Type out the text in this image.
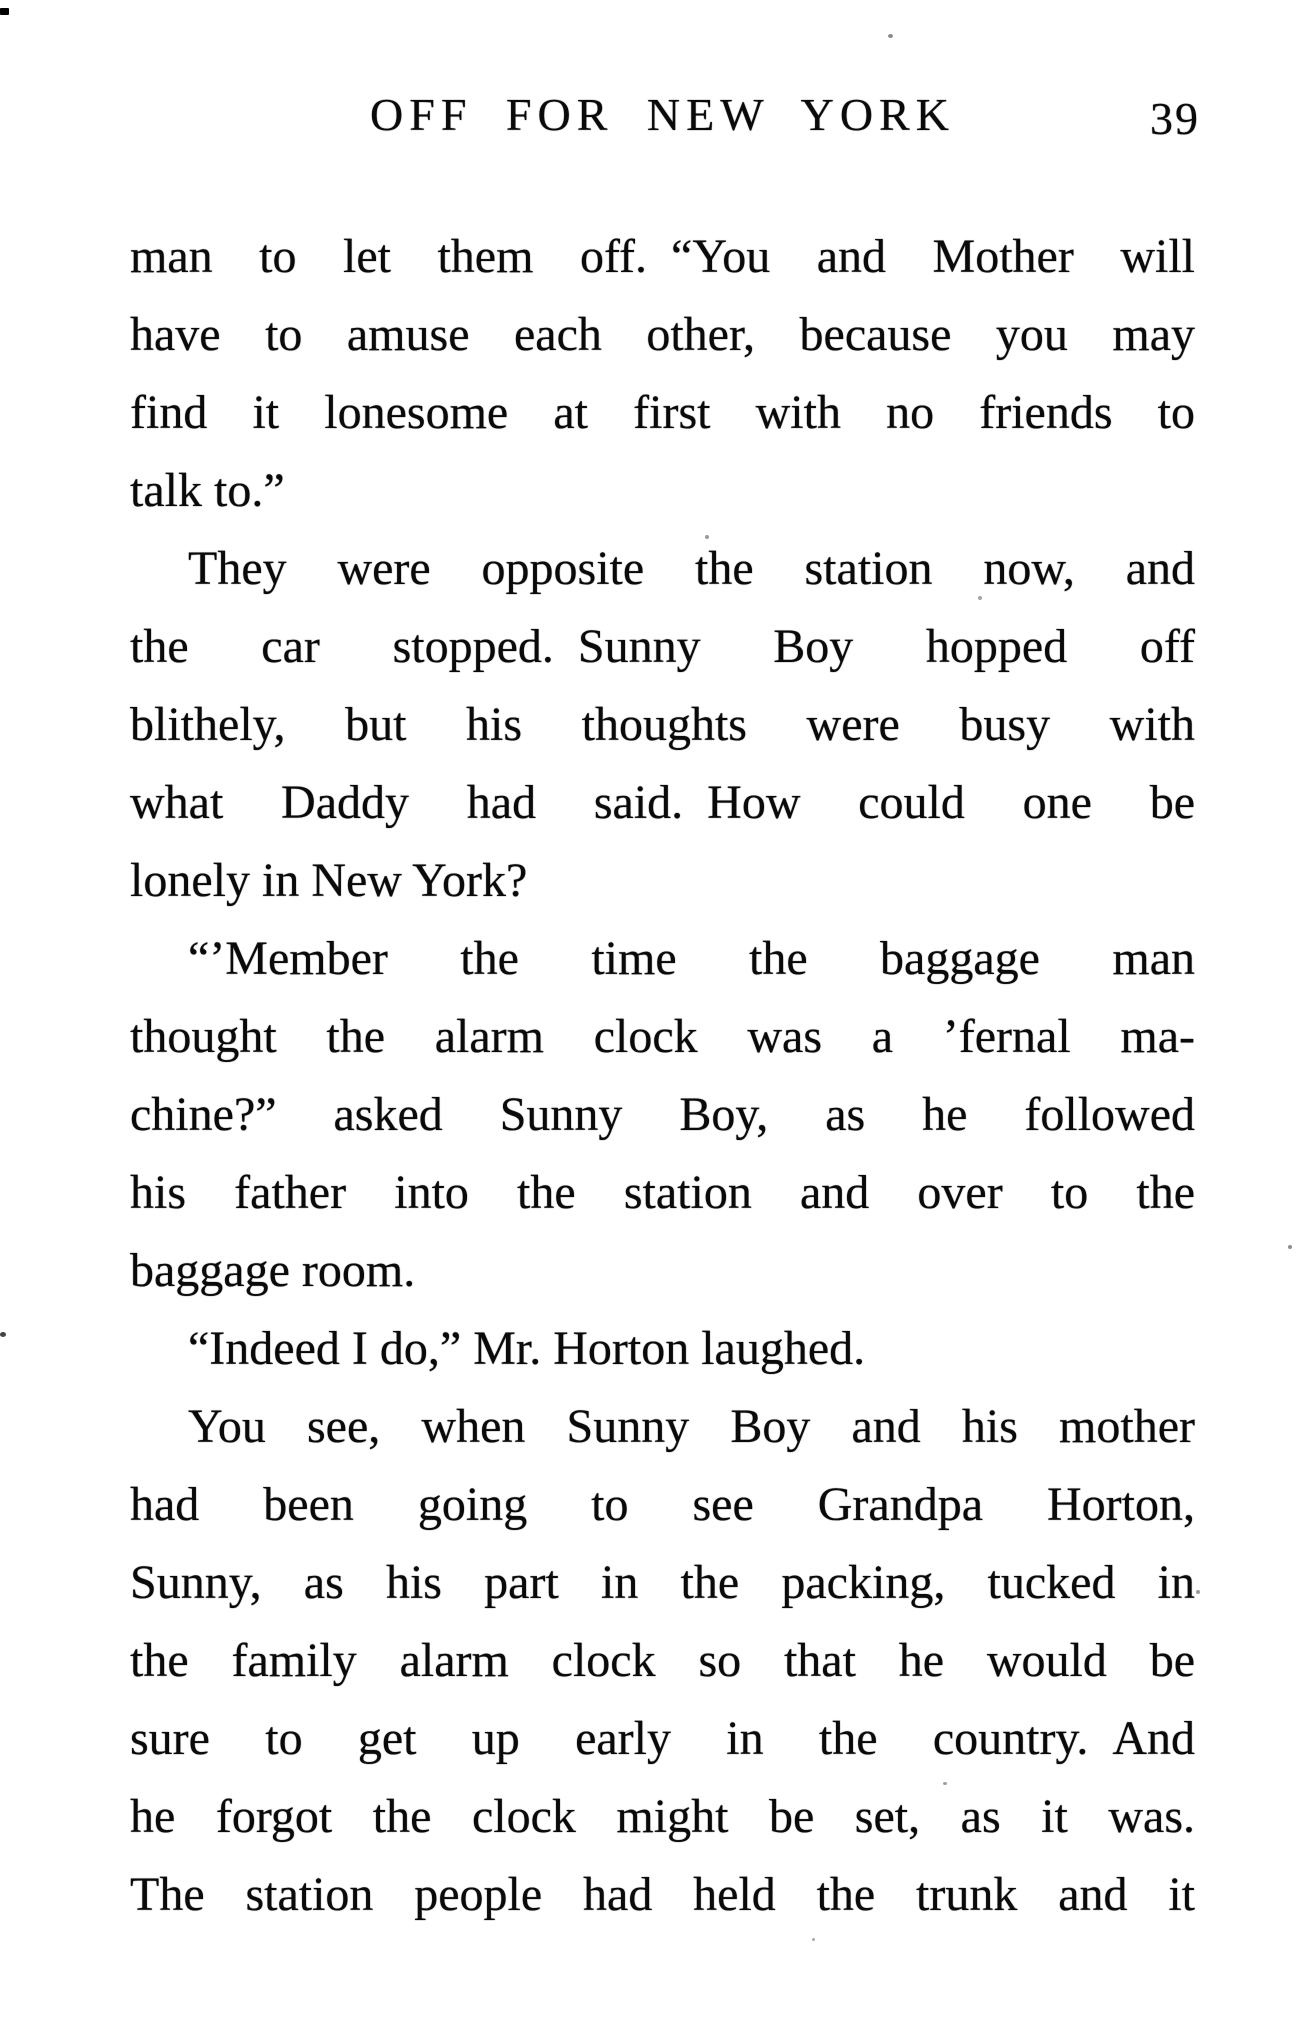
OFF FOR NEW YORK	39
man to let them off. “You and Mother will
have to amuse each other, because you may
find it lonesome at first with no friends to
talk to.”
They were opposite the station now, and
the car stopped. Sunny Boy hopped off
blithely, but his thoughts were busy with
what Daddy had said. How could one be
lonely in New York?
“’Member the time the baggage man
thought the alarm clock was a ’fernal ma-
chine?” asked Sunny Boy, as he followed
his father into the station and over to the
baggage room.
“Indeed I do,” Mr. Horton laughed.
You see, when Sunny Boy and his mother
had been going to see Grandpa Horton,
Sunny, as his part in the packing, tucked in
the family alarm clock so that he would be
sure to get up early in the country. And
he forgot the clock might be set, as it was.
The station people had held the trunk and it
